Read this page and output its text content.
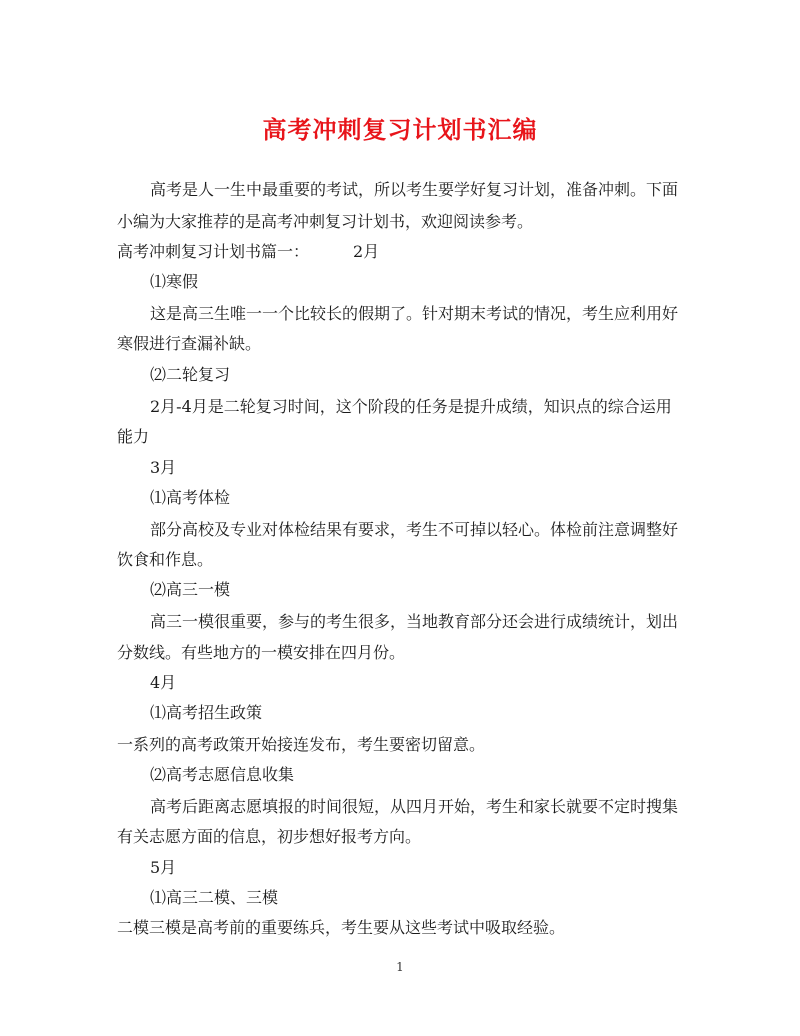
高考冲刺复习计划书汇编
高考是人一生中最重要的考试，所以考生要学好复习计划，准备冲刺。下面
小编为大家推荐的是高考冲刺复习计划书，欢迎阅读参考。
高考冲刺复习计划书篇一：	2月
⑴寒假
这是高三生唯一一个比较长的假期了。针对期末考试的情况，考生应利用好
寒假进行查漏补缺。
⑵二轮复习
2月-4月是二轮复习时间，这个阶段的任务是提升成绩，知识点的综合运用
能力
3月
⑴高考体检
部分高校及专业对体检结果有要求，考生不可掉以轻心。体检前注意调整好
饮食和作息。
⑵高三一模
高三一模很重要，参与的考生很多，当地教育部分还会进行成绩统计，划出
分数线。有些地方的一模安排在四月份。
4月
⑴高考招生政策
一系列的高考政策开始接连发布，考生要密切留意。
⑵高考志愿信息收集
高考后距离志愿填报的时间很短，从四月开始，考生和家长就要不定时搜集
有关志愿方面的信息，初步想好报考方向。
5月
⑴高三二模、三模
二模三模是高考前的重要练兵，考生要从这些考试中吸取经验。
1
